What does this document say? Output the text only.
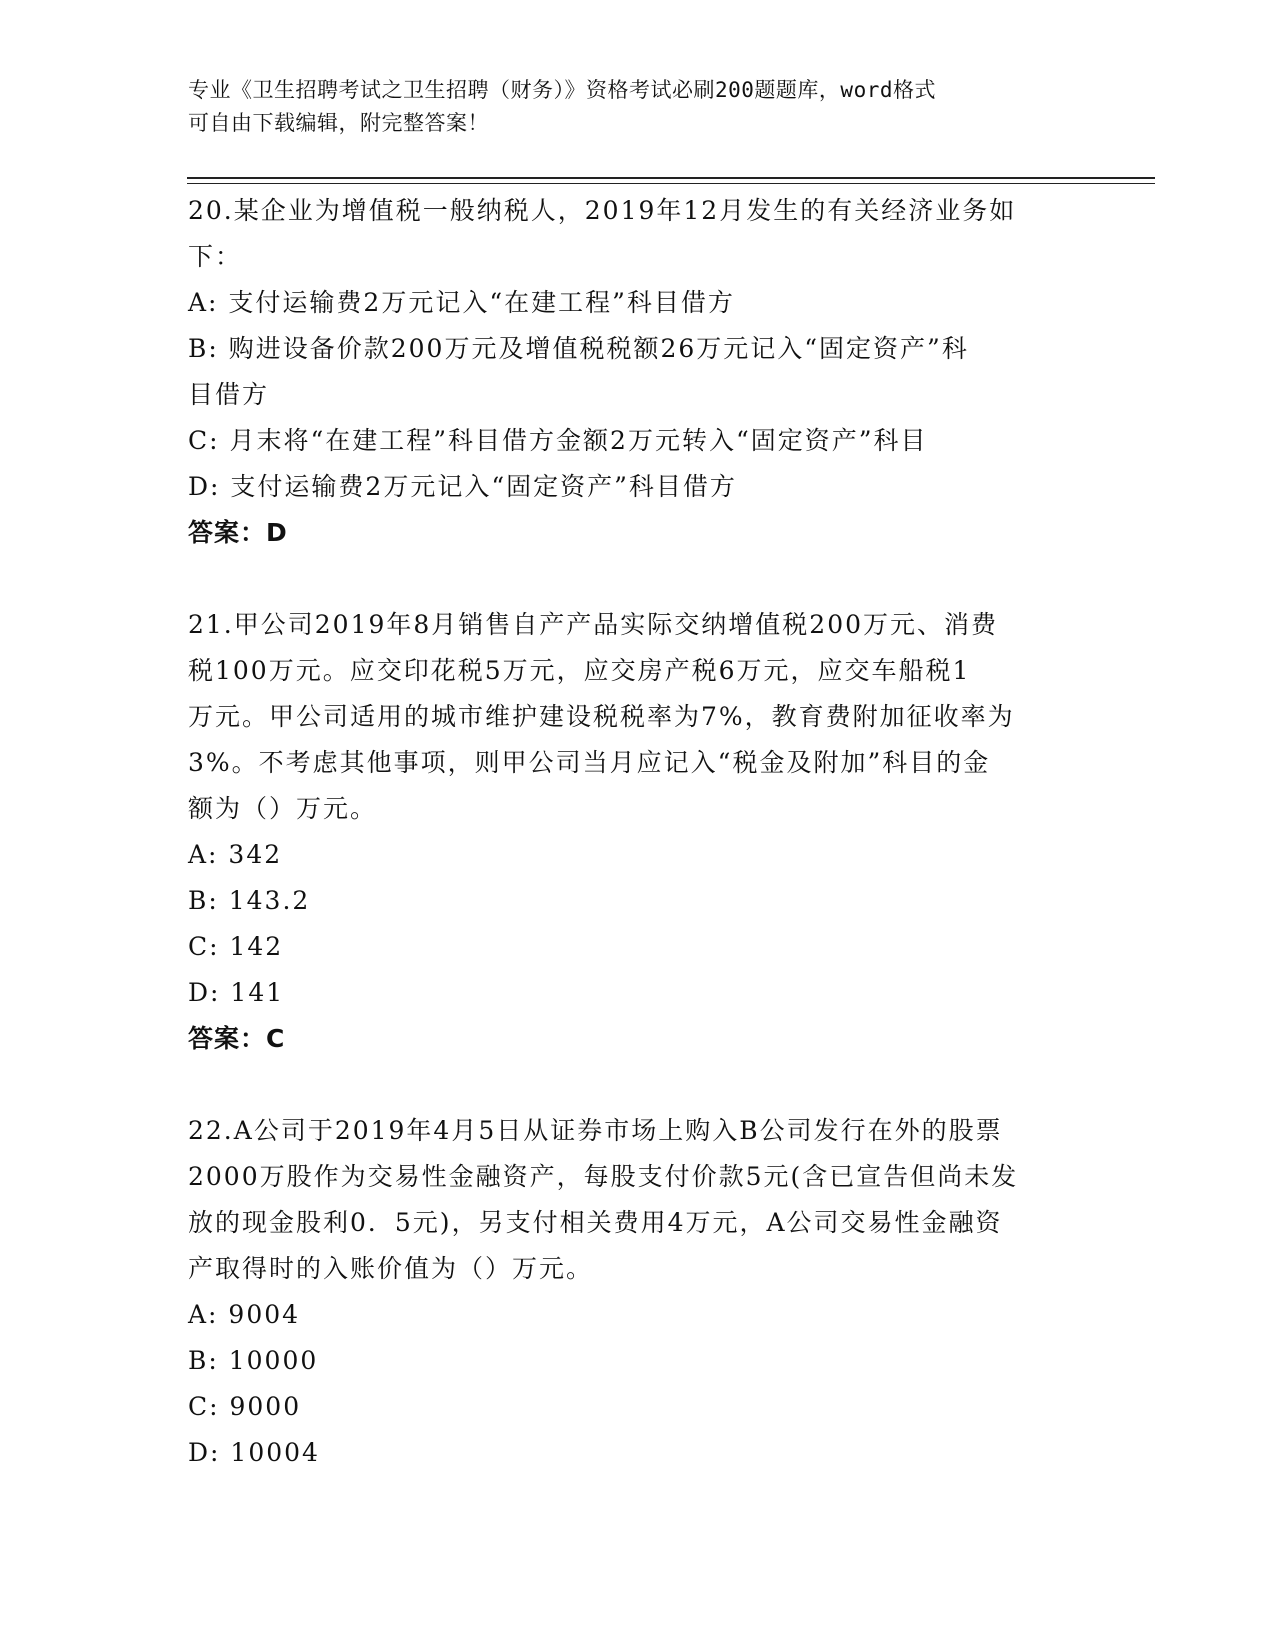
专业《卫生招聘考试之卫生招聘（财务）》资格考试必刷200题题库，word格式
可自由下载编辑，附完整答案！
20.某企业为增值税一般纳税人，2019年12月发生的有关经济业务如
下：
A: 支付运输费2万元记入“在建工程”科目借方
B: 购进设备价款200万元及增值税税额26万元记入“固定资产”科
目借方
C: 月末将“在建工程”科目借方金额2万元转入“固定资产”科目
D: 支付运输费2万元记入“固定资产”科目借方
答案：D
21.甲公司2019年8月销售自产产品实际交纳增值税200万元、消费
税100万元。应交印花税5万元，应交房产税6万元，应交车船税1
万元。甲公司适用的城市维护建设税税率为7%，教育费附加征收率为
3%。不考虑其他事项，则甲公司当月应记入“税金及附加”科目的金
额为（）万元。
A: 342
B: 143.2
C: 142
D: 141
答案：C
22.A公司于2019年4月5日从证券市场上购入B公司发行在外的股票
2000万股作为交易性金融资产，每股支付价款5元(含已宣告但尚未发
放的现金股利0．5元)，另支付相关费用4万元，A公司交易性金融资
产取得时的入账价值为（）万元。
A: 9004
B: 10000
C: 9000
D: 10004
